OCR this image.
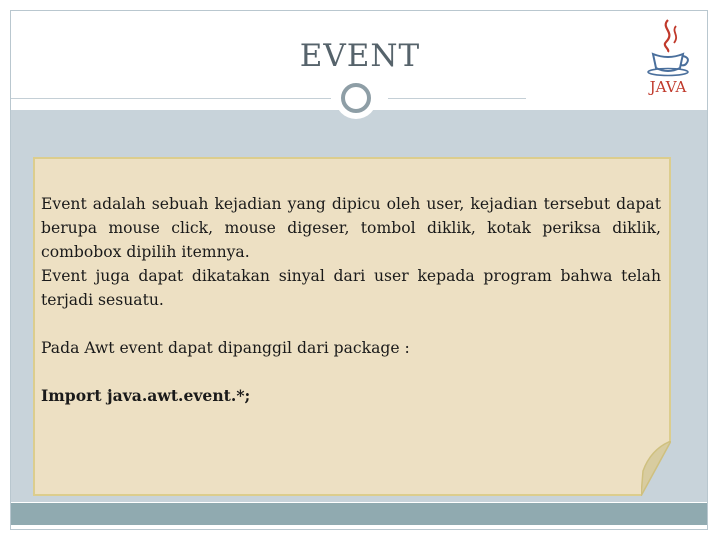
EVENT
JAVA

Event adalah sebuah kejadian yang dipicu oleh user, kejadian tersebut dapat berupa mouse click, mouse digeser, tombol diklik, kotak periksa diklik, combobox dipilih itemnya.

Event juga dapat dikatakan sinyal dari user kepada program bahwa telah terjadi sesuatu.

Pada Awt event dapat dipanggil dari package :

Import java.awt.event.*;
